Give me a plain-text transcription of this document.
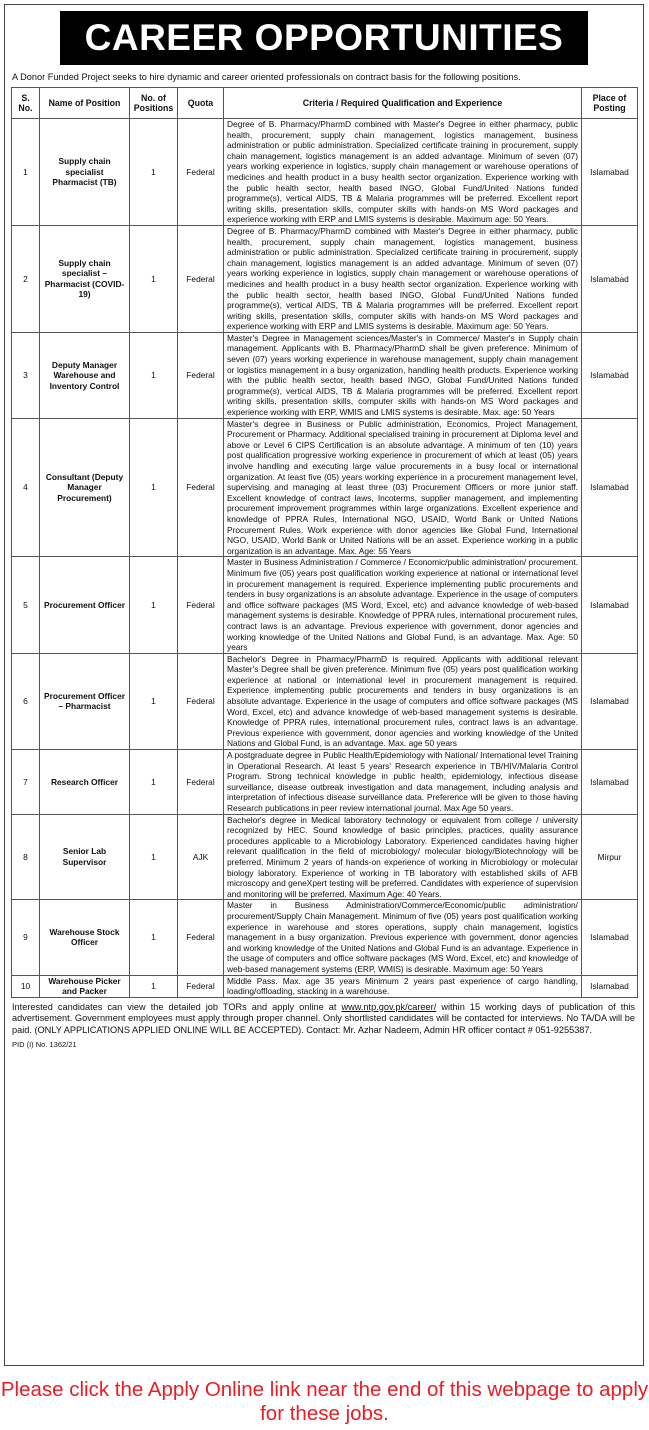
CAREER OPPORTUNITIES
A Donor Funded Project seeks to hire dynamic and career oriented professionals on contract basis for the following positions.
S. No.	Name of Position	No. of Positions	Quota	Criteria / Required Qualification and Experience	Place of Posting
1	Supply chain specialist Pharmacist (TB)	1	Federal	Degree of B. Pharmacy/PharmD combined with Master's Degree in either pharmacy, public health, procurement, supply chain management, logistics management, business administration or public administration. Specialized certificate training in procurement, supply chain management, logistics management is an added advantage. Minimum of seven (07) years working experience in logistics, supply chain management or warehouse operations of medicines and health product in a busy health sector organization. Experience working with the public health sector, health based INGO, Global Fund/United Nations funded programme(s), vertical AIDS, TB & Malaria programmes will be preferred. Excellent report writing skills, presentation skills, computer skills with hands-on MS Word packages and experience working with ERP and LMIS systems is desirable. Maximum age: 50 Years.	Islamabad
2	Supply chain specialist – Pharmacist (COVID-19)	1	Federal	Degree of B. Pharmacy/PharmD combined with Master's Degree in either pharmacy, public health, procurement, supply chain management, logistics management, business administration or public administration. Specialized certificate training in procurement, supply chain management, logistics management is an added advantage. Minimum of seven (07) years working experience in logistics, supply chain management or warehouse operations of medicines and health product in a busy health sector organization. Experience working with the public health sector, health based INGO, Global Fund/United Nations funded programme(s), vertical AIDS, TB & Malaria programmes will be preferred. Excellent report writing skills, presentation skills, computer skills with hands-on MS Word packages and experience working with ERP and LMIS systems is desirable. Maximum age: 50 Years.	Islamabad
3	Deputy Manager Warehouse and Inventory Control	1	Federal	Master's Degree in Management sciences/Master's in Commerce/ Master's in Supply chain management. Applicants with B. Pharmacy/PharmD shall be given preference. Minimum of seven (07) years working experience in warehouse management, supply chain management or logistics management in a busy organization, handling health products. Experience working with the public health sector, health based INGO, Global Fund/United Nations funded programme(s), vertical AIDS, TB & Malaria programmes will be preferred. Excellent report writing skills, presentation skills, computer skills with hands-on MS Word packages and experience working with ERP, WMIS and LMIS systems is desirable. Max. age: 50 Years	Islamabad
4	Consultant (Deputy Manager Procurement)	1	Federal	Master's degree in Business or Public administration, Economics, Project Management, Procurement or Pharmacy. Additional specialised training in procurement at Diploma level and above or Level 6 CIPS Certification is an absolute advantage. A minimum of ten (10) years post qualification progressive working experience in procurement of which at least (05) years involve handling and executing large value procurements in a busy local or international organization. At least five (05) years working experience in a procurement management level, supervising and managing at least three (03) Procurement Officers or more junior staff. Excellent knowledge of contract laws, Incoterms, supplier management, and implementing procurement improvement programmes within large organizations. Excellent experience and knowledge of PPRA Rules, International NGO, USAID, World Bank or United Nations Procurement Rules. Work experience with donor agencies like Global Fund, International NGO, USAID, World Bank or United Nations will be an asset. Experience working in a public organization is an advantage. Max. Age: 55 Years	Islamabad
5	Procurement Officer	1	Federal	Master in Business Administration / Commerce / Economic/public administration/ procurement. Minimum five (05) years post qualification working experience at national or international level in procurement management is required. Experience implementing public procurements and tenders in busy organizations is an absolute advantage. Experience in the usage of computers and office software packages (MS Word, Excel, etc) and advance knowledge of web-based management systems is desirable. Knowledge of PPRA rules, international procurement rules, contract laws is an advantage. Previous experience with government, donor agencies and working knowledge of the United Nations and Global Fund, is an advantage. Max. Age: 50 years	Islamabad
6	Procurement Officer – Pharmacist	1	Federal	Bachelor's Degree in Pharmacy/PharmD is required. Applicants with additional relevant Master's Degree shall be given preference. Minimum five (05) years post qualification working experience at national or international level in procurement management is required. Experience implementing public procurements and tenders in busy organizations is an absolute advantage. Experience in the usage of computers and office software packages (MS Word, Excel, etc) and advance knowledge of web-based management systems is desirable. Knowledge of PPRA rules, international procurement rules, contract laws is an advantage. Previous experience with government, donor agencies and working knowledge of the United Nations and Global Fund, is an advantage. Max. age 50 years	Islamabad
7	Research Officer	1	Federal	A postgraduate degree in Public Health/Epidemiology with National/ International level Training in Operational Research. At least 5 years' Research experience in TB/HIV/Malaria Control Program. Strong technical knowledge in public health, epidemiology, infectious disease surveillance, disease outbreak investigation and data management, including analysis and interpretation of infectious disease surveillance data. Preference will be given to those having Research publications in peer review international journal. Max Age 50 years.	Islamabad
8	Senior Lab Supervisor	1	AJK	Bachelor's degree in Medical laboratory technology or equivalent from college / university recognized by HEC. Sound knowledge of basic principles, practices, quality assurance procedures applicable to a Microbiology Laboratory. Experienced candidates having higher relevant qualification in the field of microbiology/ molecular biology/Biotechnology will be preferred. Minimum 2 years of hands-on experience of working in Microbiology or molecular biology laboratory. Experience of working in TB laboratory with established skills of AFB microscopy and geneXpert testing will be preferred. Candidates with experience of supervision and monitoring will be preferred. Maximum Age: 40 Years.	Mirpur
9	Warehouse Stock Officer	1	Federal	Master in Business Administration/Commerce/Economic/public administration/ procurement/Supply Chain Management. Minimum of five (05) years post qualification working experience in warehouse and stores operations, supply chain management, logistics management in a busy organization. Previous experience with government, donor agencies and working knowledge of the United Nations and Global Fund is an advantage. Experience in the usage of computers and office software packages (MS Word, Excel, etc) and knowledge of web-based management systems (ERP, WMIS) is desirable. Maximum age: 50 Years	Islamabad
10	Warehouse Picker and Packer	1	Federal	Middle Pass. Max. age 35 years Minimum 2 years past experience of cargo handling, loading/offloading, stacking in a warehouse.	Islamabad
Interested candidates can view the detailed job TORs and apply online at www.ntp.gov.pk/career/ within 15 working days of publication of this advertisement. Government employees must apply through proper channel. Only shortlisted candidates will be contacted for interviews. No TA/DA will be paid. (ONLY APPLICATIONS APPLIED ONLINE WILL BE ACCEPTED). Contact: Mr. Azhar Nadeem, Admin HR officer contact # 051-9255387.
PID (I) No. 1362/21
Please click the Apply Online link near the end of this webpage to apply for these jobs.
